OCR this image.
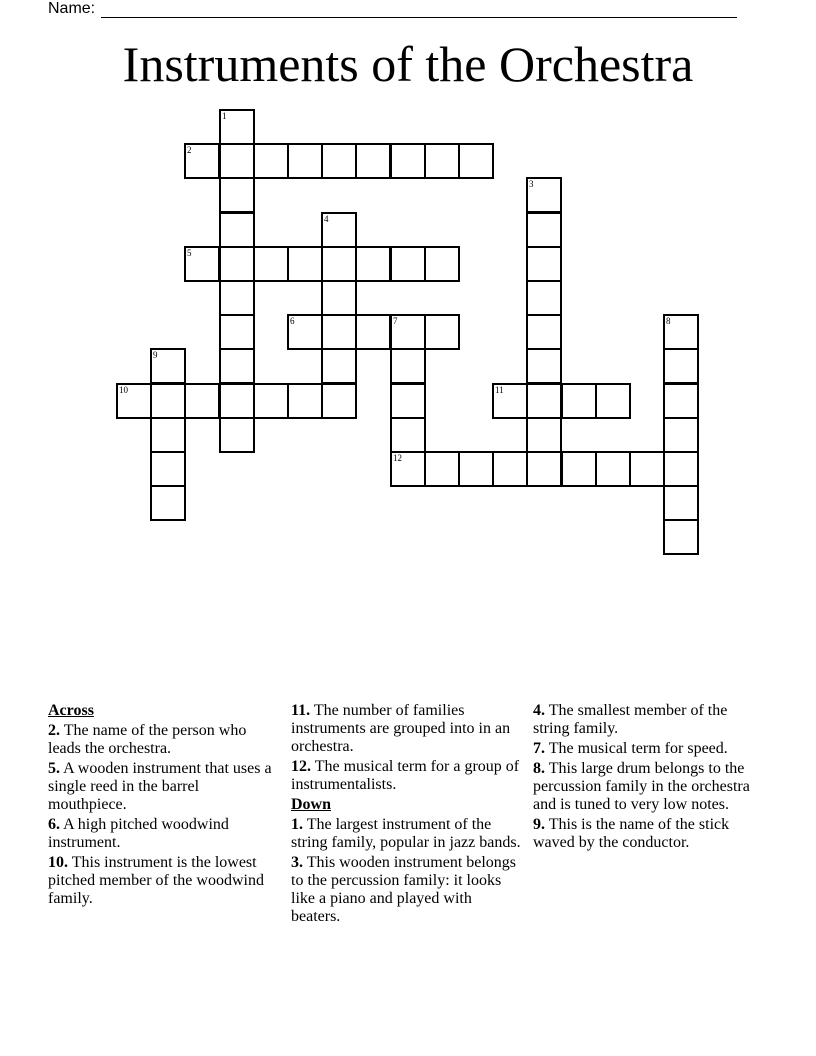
Name:
Instruments of the Orchestra
1
2
3
4
5
6	7
12
8
9
10	11
Across
2. The name of the person who leads the orchestra.
5. A wooden instrument that uses a single reed in the barrel mouthpiece.
6. A high pitched woodwind instrument.
10. This instrument is the lowest pitched member of the woodwind family.
11. The number of families instruments are grouped into in an orchestra.
12. The musical term for a group of instrumentalists.
Down
1. The largest instrument of the string family, popular in jazz bands.
3. This wooden instrument belongs to the percussion family: it looks like a piano and played with beaters.
4. The smallest member of the string family.
7. The musical term for speed.
8. This large drum belongs to the percussion family in the orchestra and is tuned to very low notes.
9. This is the name of the stick waved by the conductor.
